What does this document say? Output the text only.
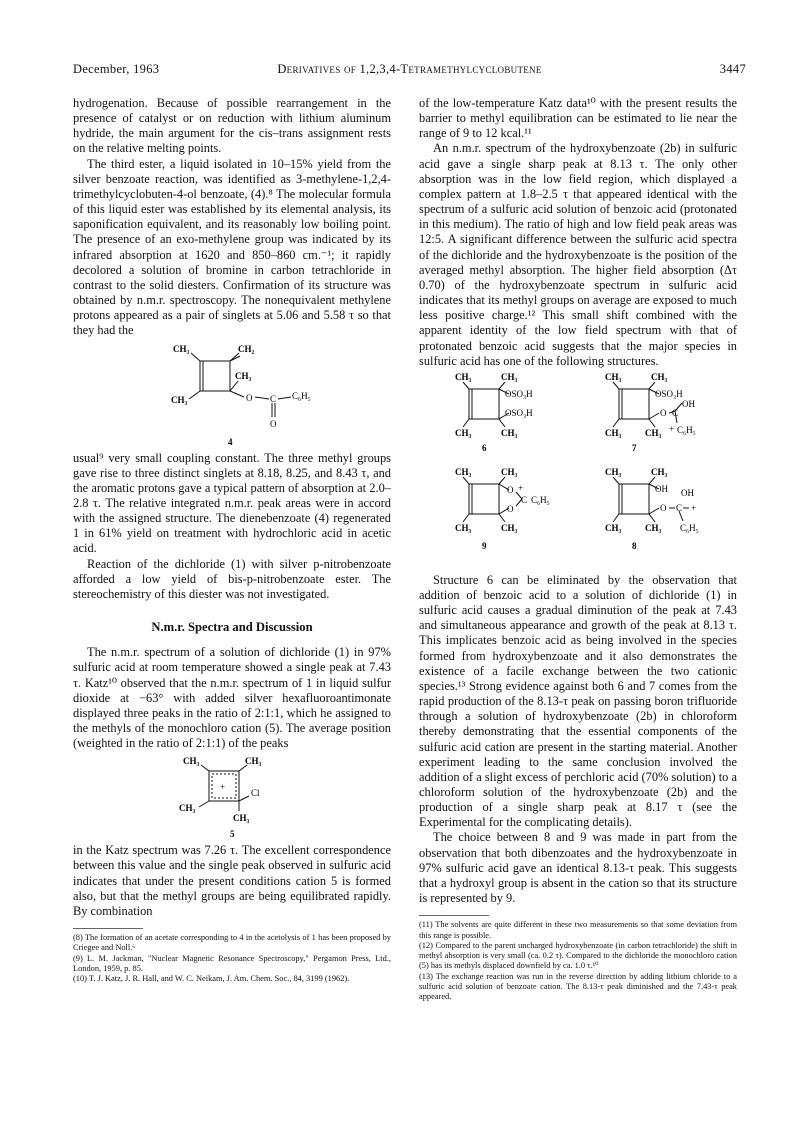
December, 1963	Derivatives of 1,2,3,4-Tetramethylcyclobutene	3447

hydrogenation. Because of possible rearrangement in the presence of catalyst or on reduction with lithium aluminum hydride, the main argument for the cis–trans assignment rests on the relative melting points.

The third ester, a liquid isolated in 10–15% yield from the silver benzoate reaction, was identified as 3-methylene-1,2,4-trimethylcyclobuten-4-ol benzoate, (4).⁸ The molecular formula of this liquid ester was established by its elemental analysis, its saponification equivalent, and its reasonably low boiling point. The presence of an exo-methylene group was indicated by its infrared absorption at 1620 and 850–860 cm.⁻¹; it rapidly decolored a solution of bromine in carbon tetrachloride in contrast to the solid diesters. Confirmation of its structure was obtained by n.m.r. spectroscopy. The nonequivalent methylene protons appeared as a pair of singlets at 5.06 and 5.58 τ so that they had the

CH₃	CH₂
CH₃
CH₃	O C C₆H₅
O
4

usual⁹ very small coupling constant. The three methyl groups gave rise to three distinct singlets at 8.18, 8.25, and 8.43 τ, and the aromatic protons gave a typical pattern of absorption at 2.0–2.8 τ. The relative integrated n.m.r. peak areas were in accord with the assigned structure. The dienebenzoate (4) regenerated 1 in 61% yield on treatment with hydrochloric acid in acetic acid.

Reaction of the dichloride (1) with silver p-nitrobenzoate afforded a low yield of bis-p-nitrobenzoate ester. The stereochemistry of this diester was not investigated.

N.m.r. Spectra and Discussion

The n.m.r. spectrum of a solution of dichloride (1) in 97% sulfuric acid at room temperature showed a single peak at 7.43 τ. Katz¹⁰ observed that the n.m.r. spectrum of 1 in liquid sulfur dioxide at −63° with added silver hexafluoroantimonate displayed three peaks in the ratio of 2:1:1, which he assigned to the methyls of the monochloro cation (5). The average position (weighted in the ratio of 2:1:1) of the peaks

CH₃	CH₃
+
Cl
CH₃
CH₃
5

in the Katz spectrum was 7.26 τ. The excellent correspondence between this value and the single peak observed in sulfuric acid indicates that under the present conditions cation 5 is formed also, but that the methyl groups are being equilibrated rapidly. By combination

(8) The formation of an acetate corresponding to 4 in the acetolysis of 1 has been proposed by Criegee and Noll.⁶

(9) L. M. Jackman, "Nuclear Magnetic Resonance Spectroscopy," Pergamon Press, Ltd., London, 1959, p. 85.

(10) T. J. Katz, J. R. Hall, and W. C. Neikam, J. Am. Chem. Soc., 84, 3199 (1962).

of the low-temperature Katz data¹⁰ with the present results the barrier to methyl equilibration can be estimated to lie near the range of 9 to 12 kcal.¹¹

An n.m.r. spectrum of the hydroxybenzoate (2b) in sulfuric acid gave a single sharp peak at 8.13 τ. The only other absorption was in the low field region, which displayed a complex pattern at 1.8–2.5 τ that appeared identical with the spectrum of a sulfuric acid solution of benzoic acid (protonated in this medium). The ratio of high and low field peak areas was 12:5. A significant difference between the sulfuric acid spectra of the dichloride and the hydroxybenzoate is the position of the averaged methyl absorption. The higher field absorption (Δτ 0.70) of the hydroxybenzoate spectrum in sulfuric acid indicates that its methyl groups on average are exposed to much less positive charge.¹² This small shift combined with the apparent identity of the low field spectrum with that of protonated benzoic acid suggests that the major species in sulfuric acid has one of the following structures.

CH₃	CH₃
OSO₃H
OSO₃H
CH₃	CH₃
6
CH₃	CH₃
OSO₃H
OH
O C
+ C₆H₅
CH₃	CH₃
7
CH₃	CH₃
O +
C C₆H₅
O
CH₃	CH₃
9
CH₃	CH₃
OH OH
O C +
CH₃	CH₃ C₆H₅
8

Structure 6 can be eliminated by the observation that addition of benzoic acid to a solution of dichloride (1) in sulfuric acid causes a gradual diminution of the peak at 7.43 and simultaneous appearance and growth of the peak at 8.13 τ. This implicates benzoic acid as being involved in the species formed from hydroxybenzoate and it also demonstrates the existence of a facile exchange between the two cationic species.¹³ Strong evidence against both 6 and 7 comes from the rapid production of the 8.13-τ peak on passing boron trifluoride through a solution of hydroxybenzoate (2b) in chloroform thereby demonstrating that the essential components of the sulfuric acid cation are present in the starting material. Another experiment leading to the same conclusion involved the addition of a slight excess of perchloric acid (70% solution) to a chloroform solution of the hydroxybenzoate (2b) and the production of a single sharp peak at 8.17 τ (see the Experimental for the complicating details).

The choice between 8 and 9 was made in part from the observation that both dibenzoates and the hydroxybenzoate in 97% sulfuric acid gave an identical 8.13-τ peak. This suggests that a hydroxyl group is absent in the cation so that its structure is represented by 9.

(11) The solvents are quite different in these two measurements so that some deviation from this range is possible.

(12) Compared to the parent uncharged hydroxybenzoate (in carbon tetrachloride) the shift in methyl absorption is very small (ca. 0.2 τ). Compared to the dichloride the monochloro cation (5) has its methyls displaced downfield by ca. 1.0 τ.¹⁰

(13) The exchange reaction was run in the reverse direction by adding lithium chloride to a sulfuric acid solution of benzoate cation. The 8.13-τ peak diminished and the 7.43-τ peak appeared.
